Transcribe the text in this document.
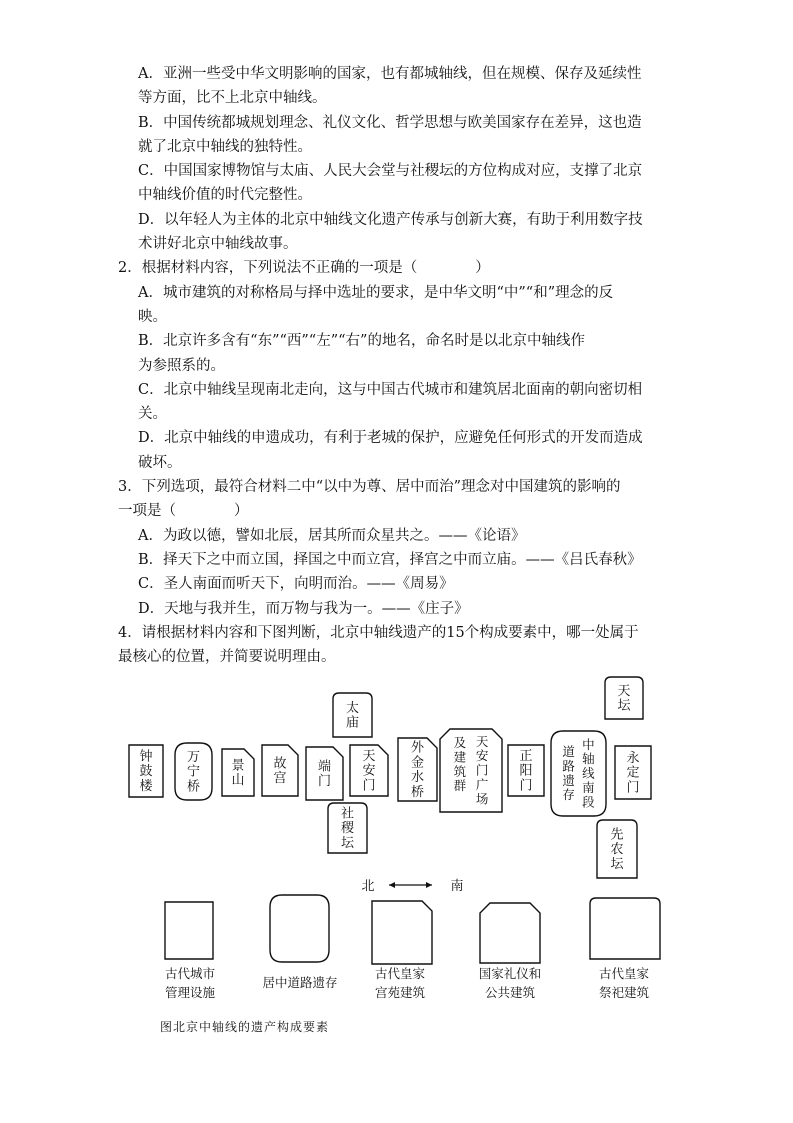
A．亚洲一些受中华文明影响的国家，也有都城轴线，但在规模、保存及延续性

等方面，比不上北京中轴线。

B．中国传统都城规划理念、礼仪文化、哲学思想与欧美国家存在差异，这也造

就了北京中轴线的独特性。

C．中国国家博物馆与太庙、人民大会堂与社稷坛的方位构成对应，支撑了北京

中轴线价值的时代完整性。

D．以年轻人为主体的北京中轴线文化遗产传承与创新大赛，有助于利用数字技

术讲好北京中轴线故事。

2．根据材料内容，下列说法不正确的一项是（　　　　）

A．城市建筑的对称格局与择中选址的要求，是中华文明“中”“和”理念的反

映。

B．北京许多含有“东”“西”“左”“右”的地名，命名时是以北京中轴线作

为参照系的。

C．北京中轴线呈现南北走向，这与中国古代城市和建筑居北面南的朝向密切相

关。

D．北京中轴线的申遗成功，有利于老城的保护，应避免任何形式的开发而造成

破坏。

3．下列选项，最符合材料二中“以中为尊、居中而治”理念对中国建筑的影响的

一项是（　　　　）

A．为政以德，譬如北辰，居其所而众星共之。——《论语》

B．择天下之中而立国，择国之中而立宫，择宫之中而立庙。——《吕氏春秋》

C．圣人南面而听天下，向明而治。——《周易》

D．天地与我并生，而万物与我为一。——《庄子》

4．请根据材料内容和下图判断，北京中轴线遗产的15个构成要素中，哪一处属于

最核心的位置，并简要说明理由。

钟
鼓
楼
万
宁
桥
景
山
故
宫
端
门
天
安
门
太
庙
社
稷
坛
外
金
水
桥
天
安
门
广
场
及
建
筑
群
正
阳
门
中
轴
线
南
段
道
路
遗
存
天
坛
永
定
门
先
农
坛
北	南
古代城市
管理设施
居中道路遗存
古代皇家
宫苑建筑
国家礼仪和
公共建筑
古代皇家
祭祀建筑
图北京中轴线的遗产构成要素
